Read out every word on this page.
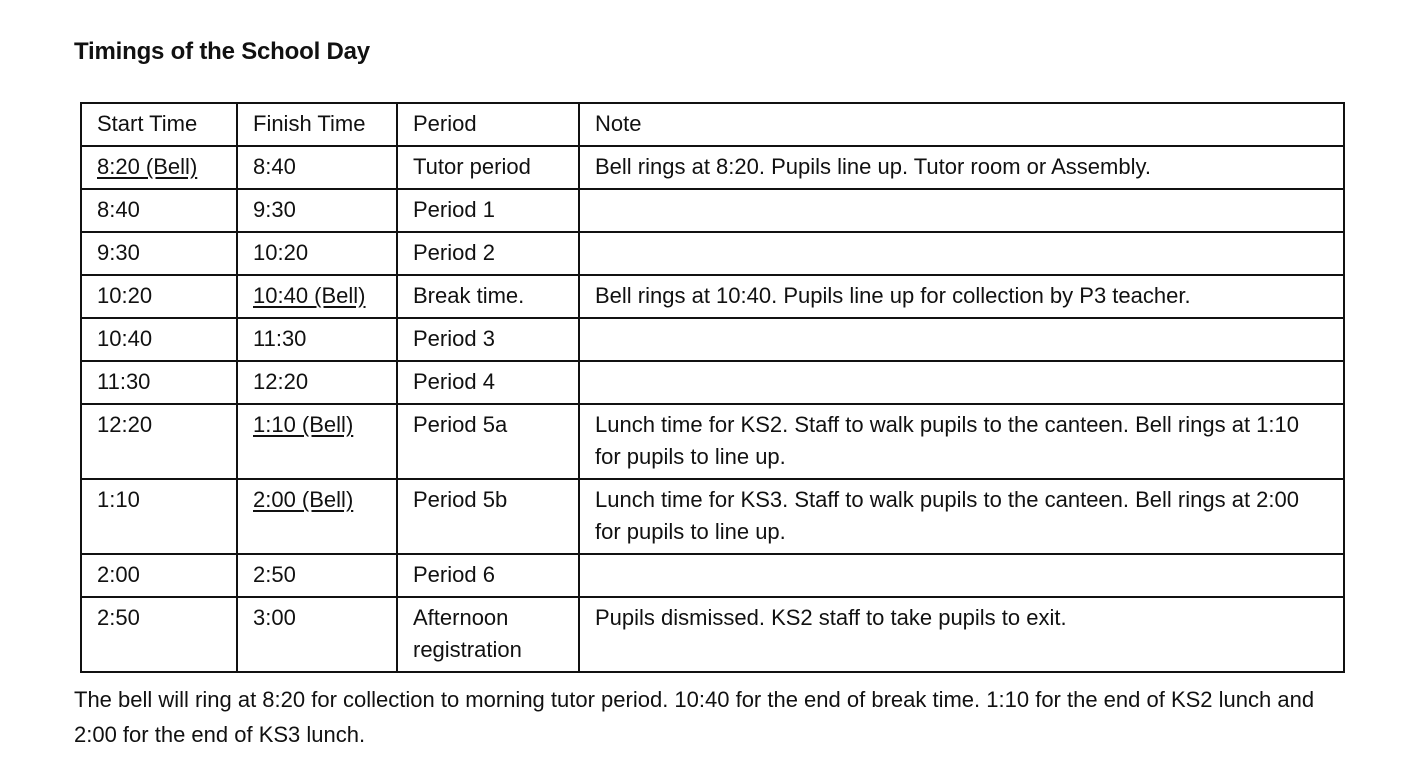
Timings of the School Day
Start Time	Finish Time	Period	Note
8:20 (Bell)	8:40	Tutor period	Bell rings at 8:20. Pupils line up. Tutor room or Assembly.
8:40	9:30	Period 1	
9:30	10:20	Period 2	
10:20	10:40 (Bell)	Break time.	Bell rings at 10:40. Pupils line up for collection by P3 teacher.
10:40	11:30	Period 3	
11:30	12:20	Period 4	
12:20	1:10 (Bell)	Period 5a	Lunch time for KS2. Staff to walk pupils to the canteen. Bell rings at 1:10 for pupils to line up.
1:10	2:00 (Bell)	Period 5b	Lunch time for KS3. Staff to walk pupils to the canteen. Bell rings at 2:00 for pupils to line up.
2:00	2:50	Period 6	
2:50	3:00	Afternoon registration	Pupils dismissed. KS2 staff to take pupils to exit.
The bell will ring at 8:20 for collection to morning tutor period. 10:40 for the end of break time. 1:10 for the end of KS2 lunch and 2:00 for the end of KS3 lunch.
